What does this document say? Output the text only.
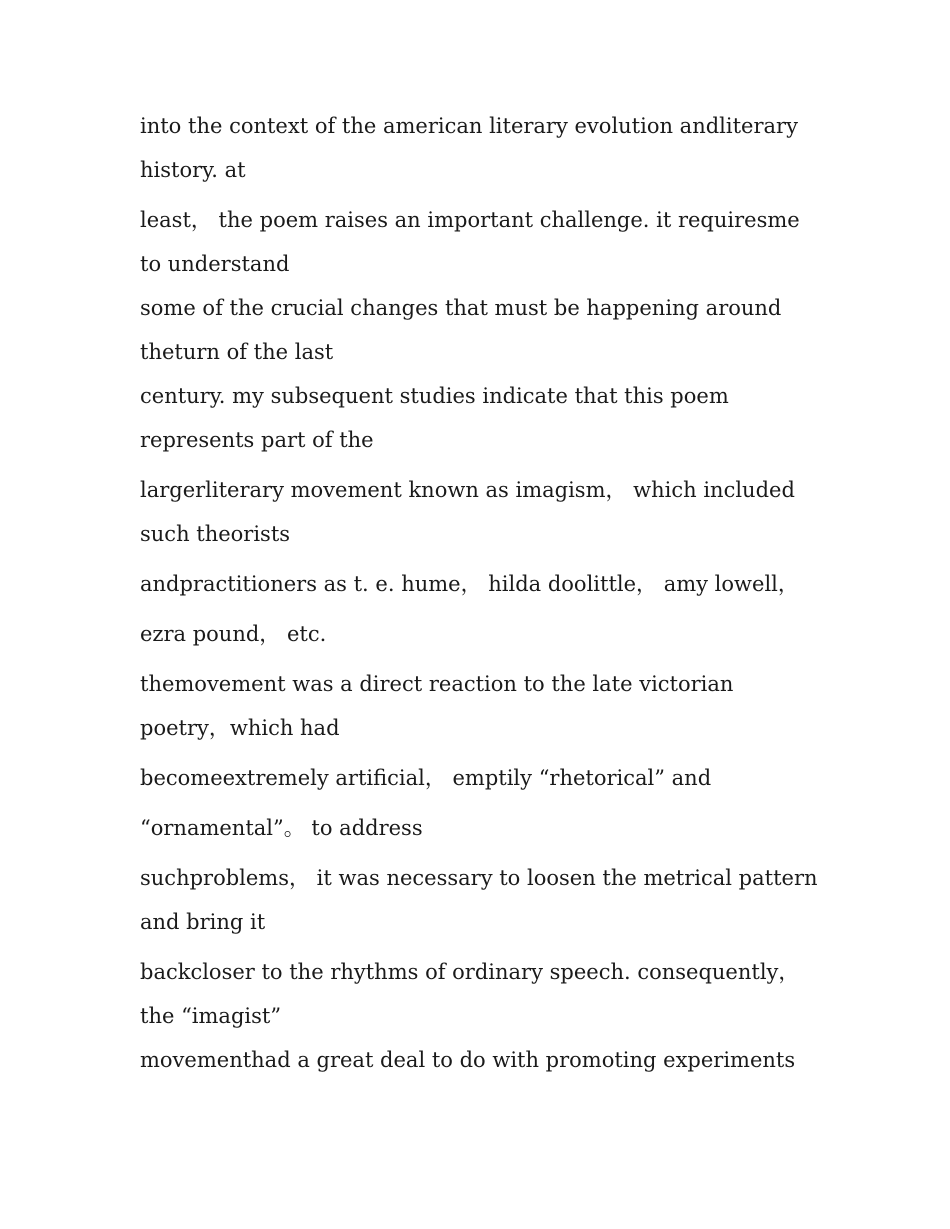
into the context of the american literary evolution andliterary history. at

least， the poem raises an important challenge. it requiresme to understand

some of the crucial changes that must be happening around theturn of the last

century. my subsequent studies indicate that this poem represents part of the

largerliterary movement known as imagism， which included such theorists

andpractitioners as t. e. hume， hilda doolittle， amy lowell，

ezra pound， etc.

themovement was a direct reaction to the late victorian poetry，which had

becomeextremely artificial， emptily “rhetorical” and

“ornamental”。 to address

suchproblems， it was necessary to loosen the metrical pattern and bring it

backcloser to the rhythms of ordinary speech. consequently， the “imagist”

movementhad a great deal to do with promoting experiments
